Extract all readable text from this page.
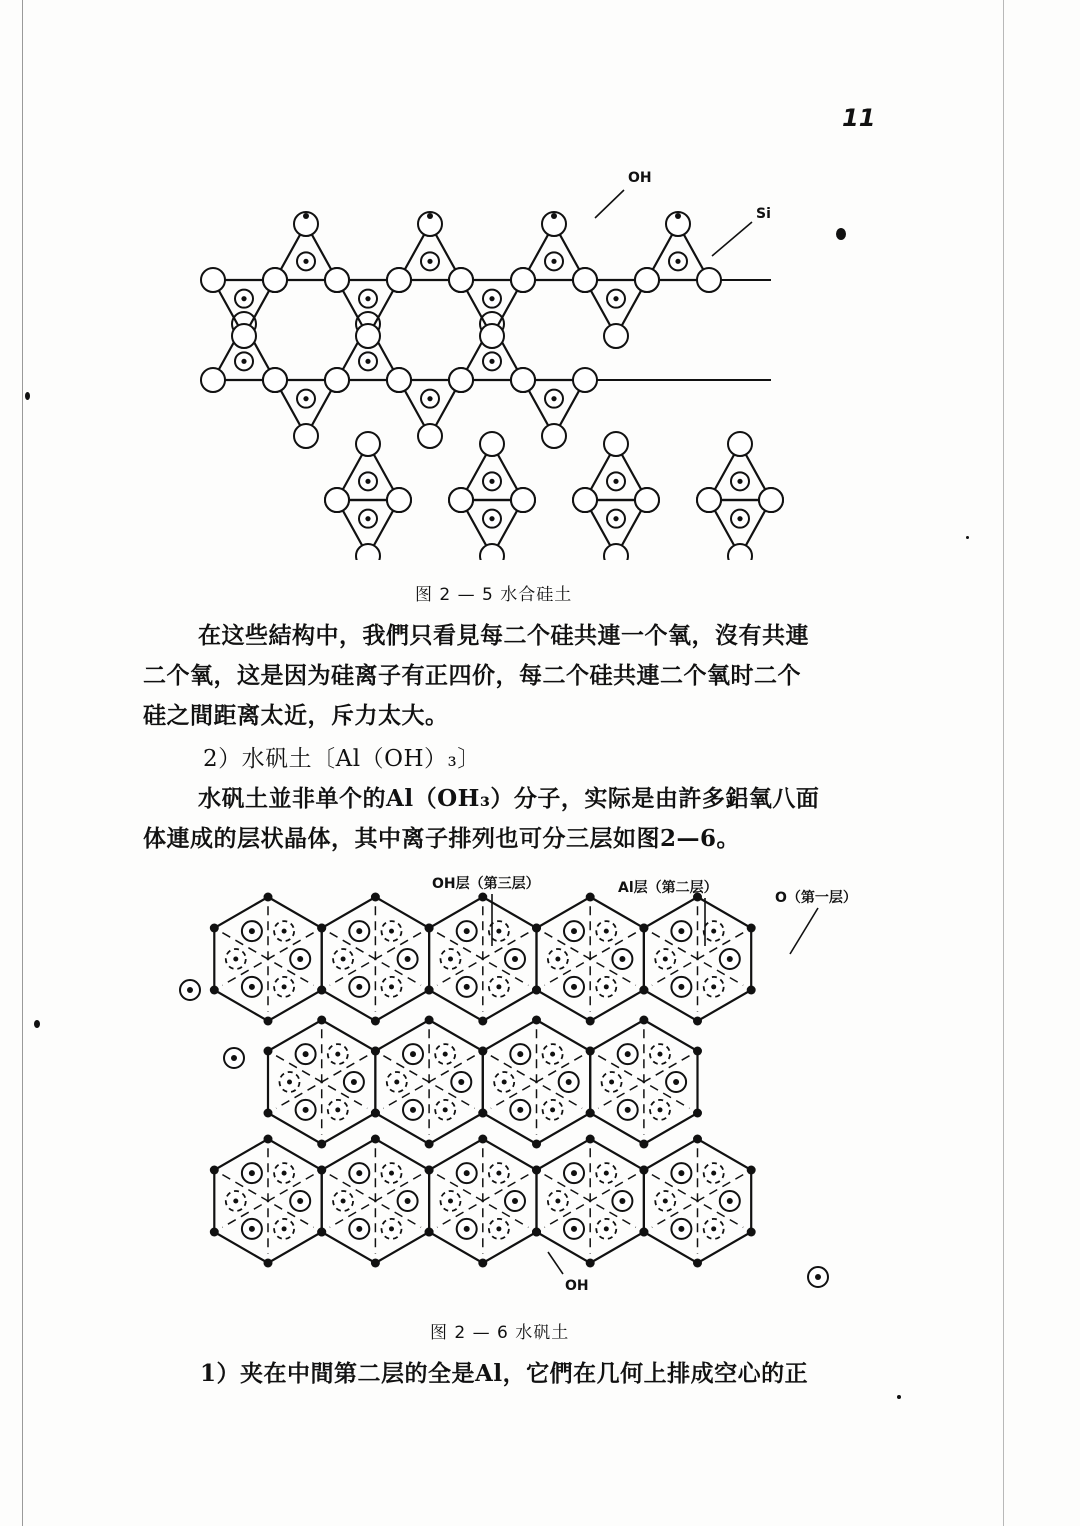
11
OH
Si
图 2 — 5 水合硅土
在这些結构中，我們只看見每二个硅共連一个氧，沒有共連
二个氧，这是因为硅离子有正四价，每二个硅共連二个氧时二个
硅之間距离太近，斥力太大。
2）水矾土〔Al（OH）₃〕
水矾土並非单个的Al（OH₃）分子，实际是由許多鋁氧八面
体連成的层状晶体，其中离子排列也可分三层如图2—6。
OH层（第三层）	Al层（第二层）
O（第一层）
OH
图 2 — 6 水矾土
1）夹在中間第二层的全是Al，它們在几何上排成空心的正
